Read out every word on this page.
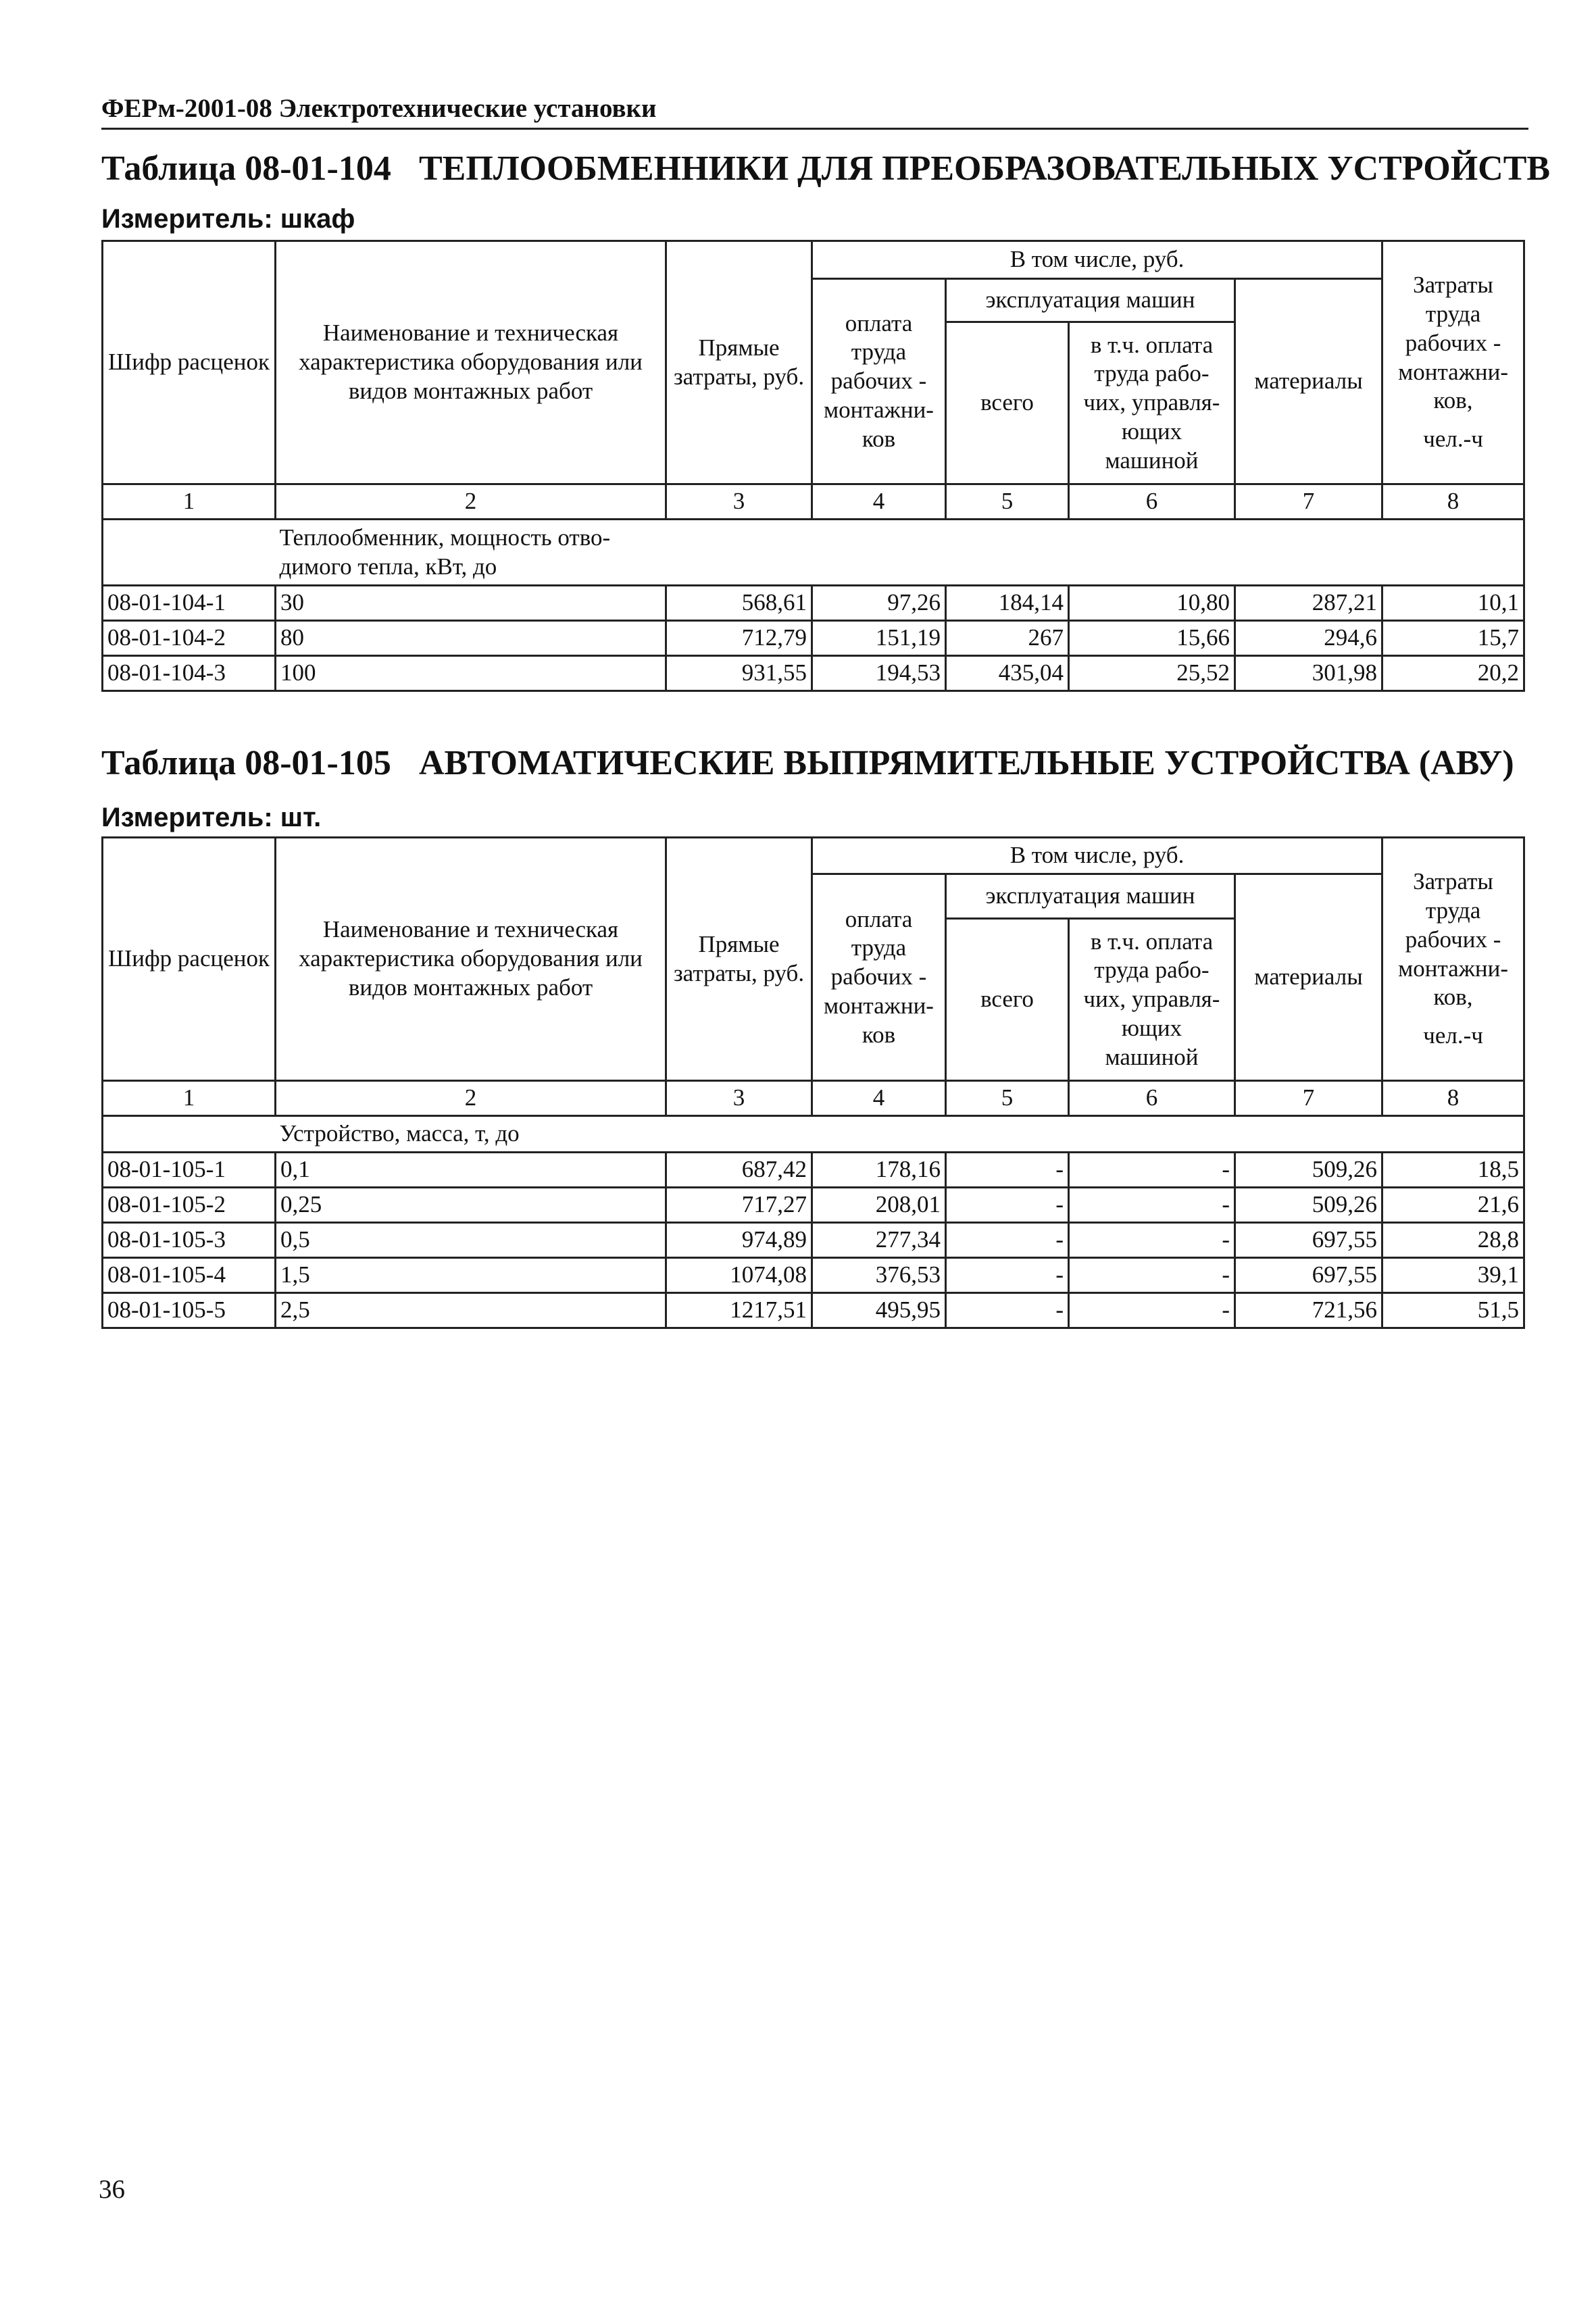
ФЕРм-2001-08 Электротехнические установки
Таблица 08-01-104 ТЕПЛООБМЕННИКИ ДЛЯ ПРЕОБРАЗОВАТЕЛЬНЫХ УСТРОЙСТВ
Измеритель: шкаф
Шифр расценок	Наименование и техническая характеристика оборудования или видов монтажных работ	Прямые затраты, руб.	В том числе, руб.				Затраты труда рабочих - монтажни-ков,
чел.-ч

			оплата труда рабочих - монтажни-ков	эксплуатация машин		материалы	
				всего	в т.ч. оплата труда рабо-чих, управля-ющих машиной		
1	2	3	4	5	6	7	8

	Теплообменник, мощность отво-димого тепла, кВт, до						

08-01-104-1	30	568,61	97,26	184,14	10,80	287,21	10,1
08-01-104-2	80	712,79	151,19	267	15,66	294,6	15,7
08-01-104-3	100	931,55	194,53	435,04	25,52	301,98	20,2
Таблица 08-01-105 АВТОМАТИЧЕСКИЕ ВЫПРЯМИТЕЛЬНЫЕ УСТРОЙСТВА (АВУ)
Измеритель: шт.
Шифр расценок	Наименование и техническая характеристика оборудования или видов монтажных работ	Прямые затраты, руб.	В том числе, руб.				Затраты труда рабочих - монтажни-ков,
чел.-ч

			оплата труда рабочих - монтажни-ков	эксплуатация машин		материалы	
				всего	в т.ч. оплата труда рабо-чих, управля-ющих машиной		
1	2	3	4	5	6	7	8
	Устройство, масса, т, до						
08-01-105-1	0,1	687,42	178,16	-	-	509,26	18,5
08-01-105-2	0,25	717,27	208,01	-	-	509,26	21,6
08-01-105-3	0,5	974,89	277,34	-	-	697,55	28,8
08-01-105-4	1,5	1074,08	376,53	-	-	697,55	39,1
08-01-105-5	2,5	1217,51	495,95	-	-	721,56	51,5
36
